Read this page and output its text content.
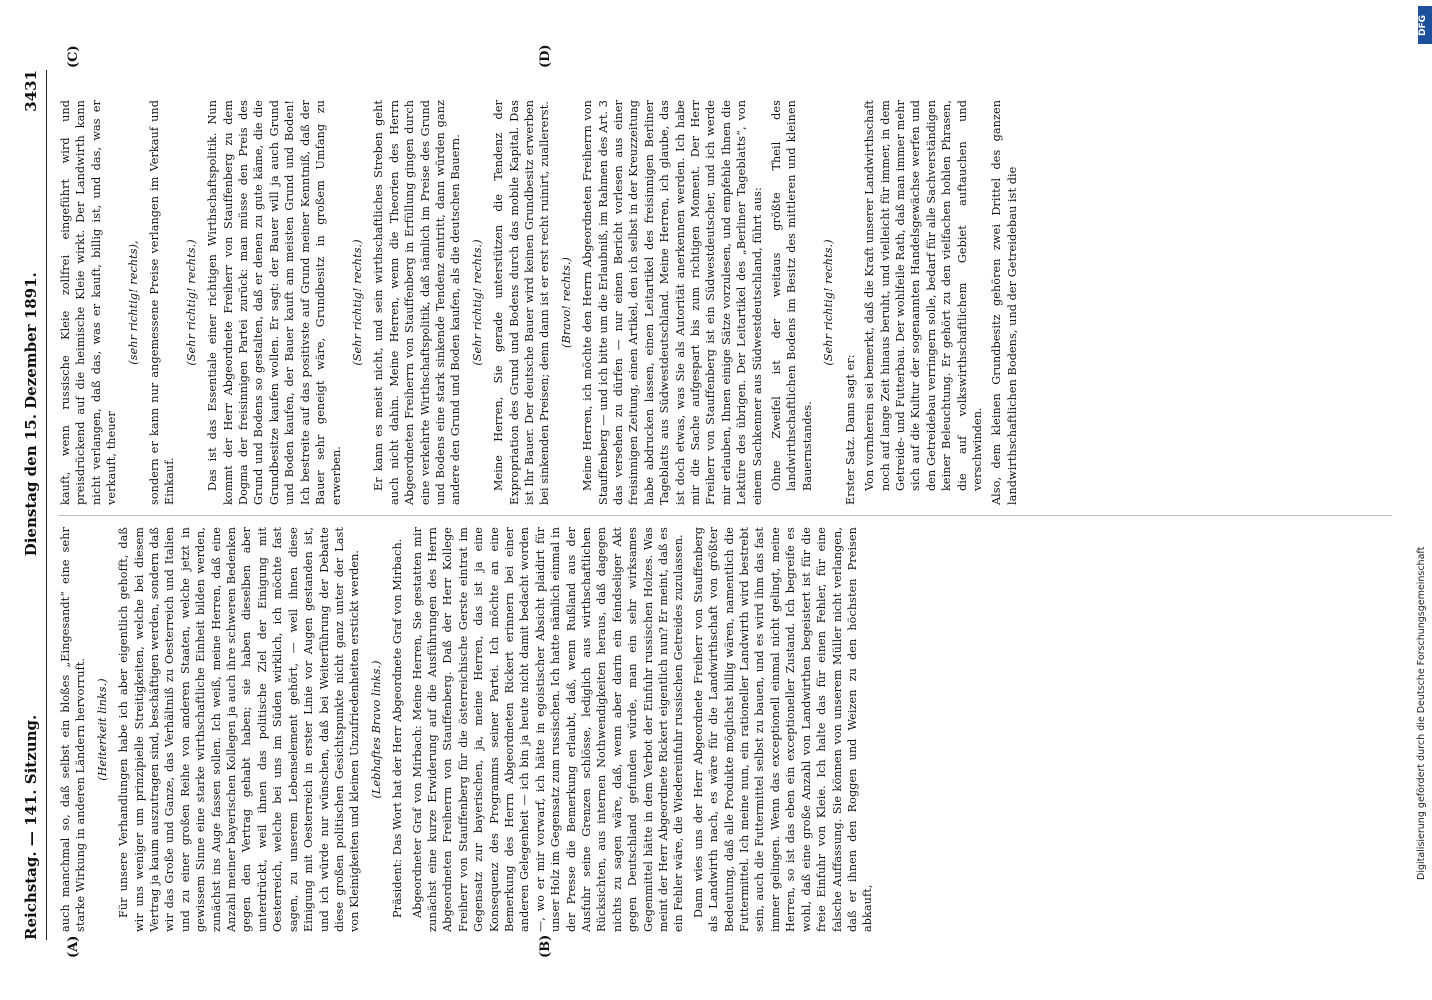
Reichstag. — 141. Sitzung.
Dienstag den 15. Dezember 1891.  3431
(A)	(B)
(C)	(D)

auch manchmal so, daß selbst ein bloßes „Eingesandt“ eine sehr starke Wirkung in anderen Ländern hervorruft. (Heiterkeit links.) Für unsere Verhandlungen habe ich aber eigentlich gehofft, daß wir uns weniger um prinzipielle Streitigkeiten, welche bei diesem Vertrag ja kaum auszutragen sind, beschäftigen werden, sondern daß wir das Große und Ganze, das Verhältniß zu Oesterreich und Italien und zu einer großen Reihe von anderen Staaten, welche jetzt in gewissem Sinne eine starke wirthschaftliche Einheit bilden werden, zunächst ins Auge fassen sollen. Ich weiß, meine Herren, daß eine Anzahl meiner bayerischen Kollegen ja auch ihre schweren Bedenken gegen den Vertrag gehabt haben; sie haben dieselben aber unterdrückt, weil ihnen das politische Ziel der Einigung mit Oesterreich, welche bei uns im Süden wirklich, ich möchte fast sagen, zu unserem Lebenselement gehört, — weil ihnen diese Einigung mit Oesterreich in erster Linie vor Augen gestanden ist, und ich würde nur wünschen, daß bei Weiterführung der Debatte diese großen politischen Gesichtspunkte nicht ganz unter der Last von Kleinigkeiten und kleinen Unzufriedenheiten erstickt werden. (Lebhaftes Bravo links.) Präsident: Das Wort hat der Herr Abgeordnete Graf von Mirbach. Abgeordneter Graf von Mirbach: Meine Herren, Sie gestatten mir zunächst eine kurze Erwiderung auf die Ausführungen des Herrn Abgeordneten Freiherrn von Stauffenberg. Daß der Herr Kollege Freiherr von Stauffenberg für die österreichische Gerste eintrat im Gegensatz zur bayerischen, ja, meine Herren, das ist ja eine Konsequenz des Programms seiner Partei. Ich möchte an eine Bemerkung des Herrn Abgeordneten Rickert erinnern bei einer anderen Gelegenheit — ich bin ja heute nicht damit bedacht worden —, wo er mir vorwarf, ich hätte in egoistischer Absicht plaidirt für unser Holz im Gegensatz zum russischen. Ich hatte nämlich einmal in der Presse die Bemerkung erlaubt, daß, wenn Rußland aus der Ausfuhr seine Grenzen schlösse, lediglich aus wirthschaftlichen Rücksichten, aus internen Nothwendigkeiten heraus, daß dagegen nichts zu sagen wäre, daß, wenn aber darin ein feindseliger Akt gegen Deutschland gefunden würde, man ein sehr wirksames Gegenmittel hätte in dem Verbot der Einfuhr russischen Holzes. Was meint der Herr Abgeordnete Rickert eigentlich nun? Er meint, daß es ein Fehler wäre, die Wiedereinfuhr russischen Getreides zuzulassen. Dann wies uns der Herr Abgeordnete Freiherr von Stauffenberg als Landwirth nach, es wäre für die Landwirthschaft von größter Bedeutung, daß alle Produkte möglichst billig wären, namentlich die Futtermittel. Ich meine nun, ein rationeller Landwirth wird bestrebt sein, auch die Futtermittel selbst zu bauen, und es wird ihm das fast immer gelingen. Wenn das exceptionell einmal nicht gelingt, meine Herren, so ist das eben ein exceptioneller Zustand. Ich begreife es wohl, daß eine große Anzahl von Landwirthen begeistert ist für die freie Einfuhr von Kleie. Ich halte das für einen Fehler, für eine falsche Auffassung. Sie können von unserem Müller nicht verlangen, daß er ihnen den Roggen und Weizen zu den höchsten Preisen abkauft,

kauft, wenn russische Kleie zollfrei eingeführt wird und preisdrückend auf die heimische Kleie wirkt. Der Landwirth kann nicht verlangen, daß das, was er kauft, billig ist, und das, was er verkauft, theuer

(sehr richtig! rechts), sondern er kann nur angemessene Preise verlangen im Verkauf und Einkauf.

(Sehr richtig! rechts.) Das ist das Essentiale einer richtigen Wirthschaftspolitik. Nun kommt der Herr Abgeordnete Freiherr von Stauffenberg zu dem Dogma der freisinnigen Partei zurück: man müsse den Preis des Grund und Bodens so gestalten, daß er denen zu gute käme, die die Grundbesitze kaufen wollen. Er sagt: der Bauer will ja auch Grund und Boden kaufen, der Bauer kauft am meisten Grund und Boden! Ich bestreite auf das positivste auf Grund meiner Kenntniß, daß der Bauer sehr geneigt wäre, Grundbesitz in großem Umfang zu erwerben.

(Sehr richtig! rechts.) Er kann es meist nicht, und sein wirthschaftliches Streben geht auch nicht dahin. Meine Herren, wenn die Theorien des Herrn Abgeordneten Freiherrn von Stauffenberg in Erfüllung gingen durch eine verkehrte Wirthschaftspolitik, daß nämlich im Preise des Grund und Bodens eine stark sinkende Tendenz eintritt, dann würden ganz andere den Grund und Boden kaufen, als die deutschen Bauern. (Sehr richtig! rechts.) Meine Herren, Sie gerade unterstützen die Tendenz der Expropriation des Grund und Bodens durch das mobile Kapital. Das ist Ihr Bauer. Der deutsche Bauer wird keinen Grundbesitz erwerben bei sinkenden Preisen; denn dann ist er erst recht ruinirt, zuallererst. (Bravo! rechts.) Meine Herren, ich möchte den Herrn Abgeordneten Freiherrn von Stauffenberg — und ich bitte um die Erlaubniß, im Rahmen des Art. 3 das versehen zu dürfen — nur einen Bericht vorlesen aus einer freisinnigen Zeitung, einen Artikel, den ich selbst in der Kreuzzeitung habe abdrucken lassen, einen Leitartikel des freisinnigen Berliner Tageblatts aus Südwestdeutschland. Meine Herren, ich glaube, das ist doch etwas, was Sie als Autorität anerkennen werden. Ich habe mir die Sache aufgespart bis zum richtigen Moment. Der Herr Freiherr von Stauffenberg ist ein Südwestdeutscher, und ich werde mir erlauben, Ihnen einige Sätze vorzulesen, und empfehle Ihnen die Lektüre des übrigen. Der Leitartikel des „Berliner Tageblatts“, von einem Sachkenner aus Südwestdeutschland, führt aus: Ohne Zweifel ist der weitaus größte Theil des landwirthschaftlichen Bodens im Besitz des mittleren und kleinen Bauernstandes.

(Sehr richtig! rechts.)

Erster Satz. Dann sagt er: Von vornherein sei bemerkt, daß die Kraft unserer Landwirthschaft noch auf lange Zeit hinaus beruht, und vielleicht für immer, in dem Getreide- und Futterbau. Der wohlfeile Rath, daß man immer mehr sich auf die Kultur der sogenannten Handelsgewächse werfen und den Getreidebau verringern solle, bedarf für alle Sachverständigen keiner Beleuchtung. Er gehört zu den vielfachen hohlen Phrasen, die auf volkswirthschaftlichem Gebiet auftauchen und verschwinden. Also, dem kleinen Grundbesitz gehören zwei Drittel des ganzen landwirthschaftlichen Bodens, und der Getreidebau ist die

DFG
Digitalisierung gefördert durch die Deutsche Forschungsgemeinschaft
